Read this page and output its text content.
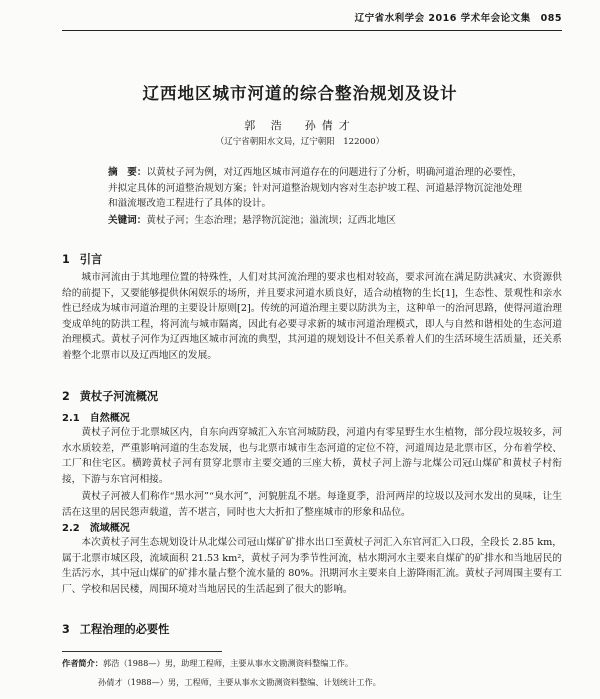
辽宁省水利学会 2016 学术年会论文集　085
辽西地区城市河道的综合整治规划及设计
郭 浩　孙倩才
（辽宁省朝阳水文局，辽宁朝阳　122000）
摘　要：以黄杖子河为例，对辽西地区城市河道存在的问题进行了分析，明确河道治理的必要性，并拟定具体的河道整治规划方案；针对河道整治规划内容对生态护坡工程、河道悬浮物沉淀池处理和溢流堰改造工程进行了具体的设计。
关键词：黄杖子河；生态治理；悬浮物沉淀池；溢流坝；辽西北地区
1 引言
城市河流由于其地理位置的特殊性，人们对其河流治理的要求也相对较高，要求河流在满足防洪减灾、水资源供给的前提下，又要能够提供休闲娱乐的场所，并且要求河道水质良好，适合动植物的生长[1]，生态性、景观性和亲水性已经成为城市河道治理的主要设计原则[2]。传统的河道治理主要以防洪为主，这种单一的治河思路，使得河道治理变成单纯的防洪工程，将河流与城市隔离，因此有必要寻求新的城市河道治理模式，即人与自然和谐相处的生态河道治理模式。黄杖子河作为辽西地区城市河流的典型，其河道的规划设计不但关系着人们的生活环境生活质量，还关系着整个北票市以及辽西地区的发展。
2 黄杖子河流概况
2.1 自然概况
黄杖子河位于北票城区内，自东向西穿城汇入东官河城防段，河道内有零星野生水生植物，部分段垃圾较多，河水水质较差，严重影响河道的生态发展，也与北票市城市生态河道的定位不符，河道周边是北票市区，分布着学校、工厂和住宅区。横跨黄杖子河有贯穿北票市主要交通的三座大桥，黄杖子河上游与北煤公司冠山煤矿和黄杖子村衔接，下游与东官河相接。
黄杖子河被人们称作“黑水河”“臭水河”，河貌脏乱不堪。每逢夏季，沿河两岸的垃圾以及河水发出的臭味，让生活在这里的居民怨声载道，苦不堪言，同时也大大折扣了整座城市的形象和品位。
2.2 流域概况
本次黄杖子河生态规划设计从北煤公司冠山煤矿矿排水出口至黄杖子河汇入东官河汇入口段，全段长 2.85 km，属于北票市城区段，流域面积 21.53 km²，黄杖子河为季节性河流，枯水期河水主要来自煤矿的矿排水和当地居民的生活污水，其中冠山煤矿的矿排水量占整个流水量的 80%。汛期河水主要来自上游降雨汇流。黄杖子河周围主要有工厂、学校和居民楼，周围环境对当地居民的生活起到了很大的影响。
3 工程治理的必要性
作者简介：郭浩（1988—）男，助理工程师，主要从事水文勘测资料整编工作。
孙倩才（1988—）男，工程师，主要从事水文勘测资料整编、计划统计工作。
